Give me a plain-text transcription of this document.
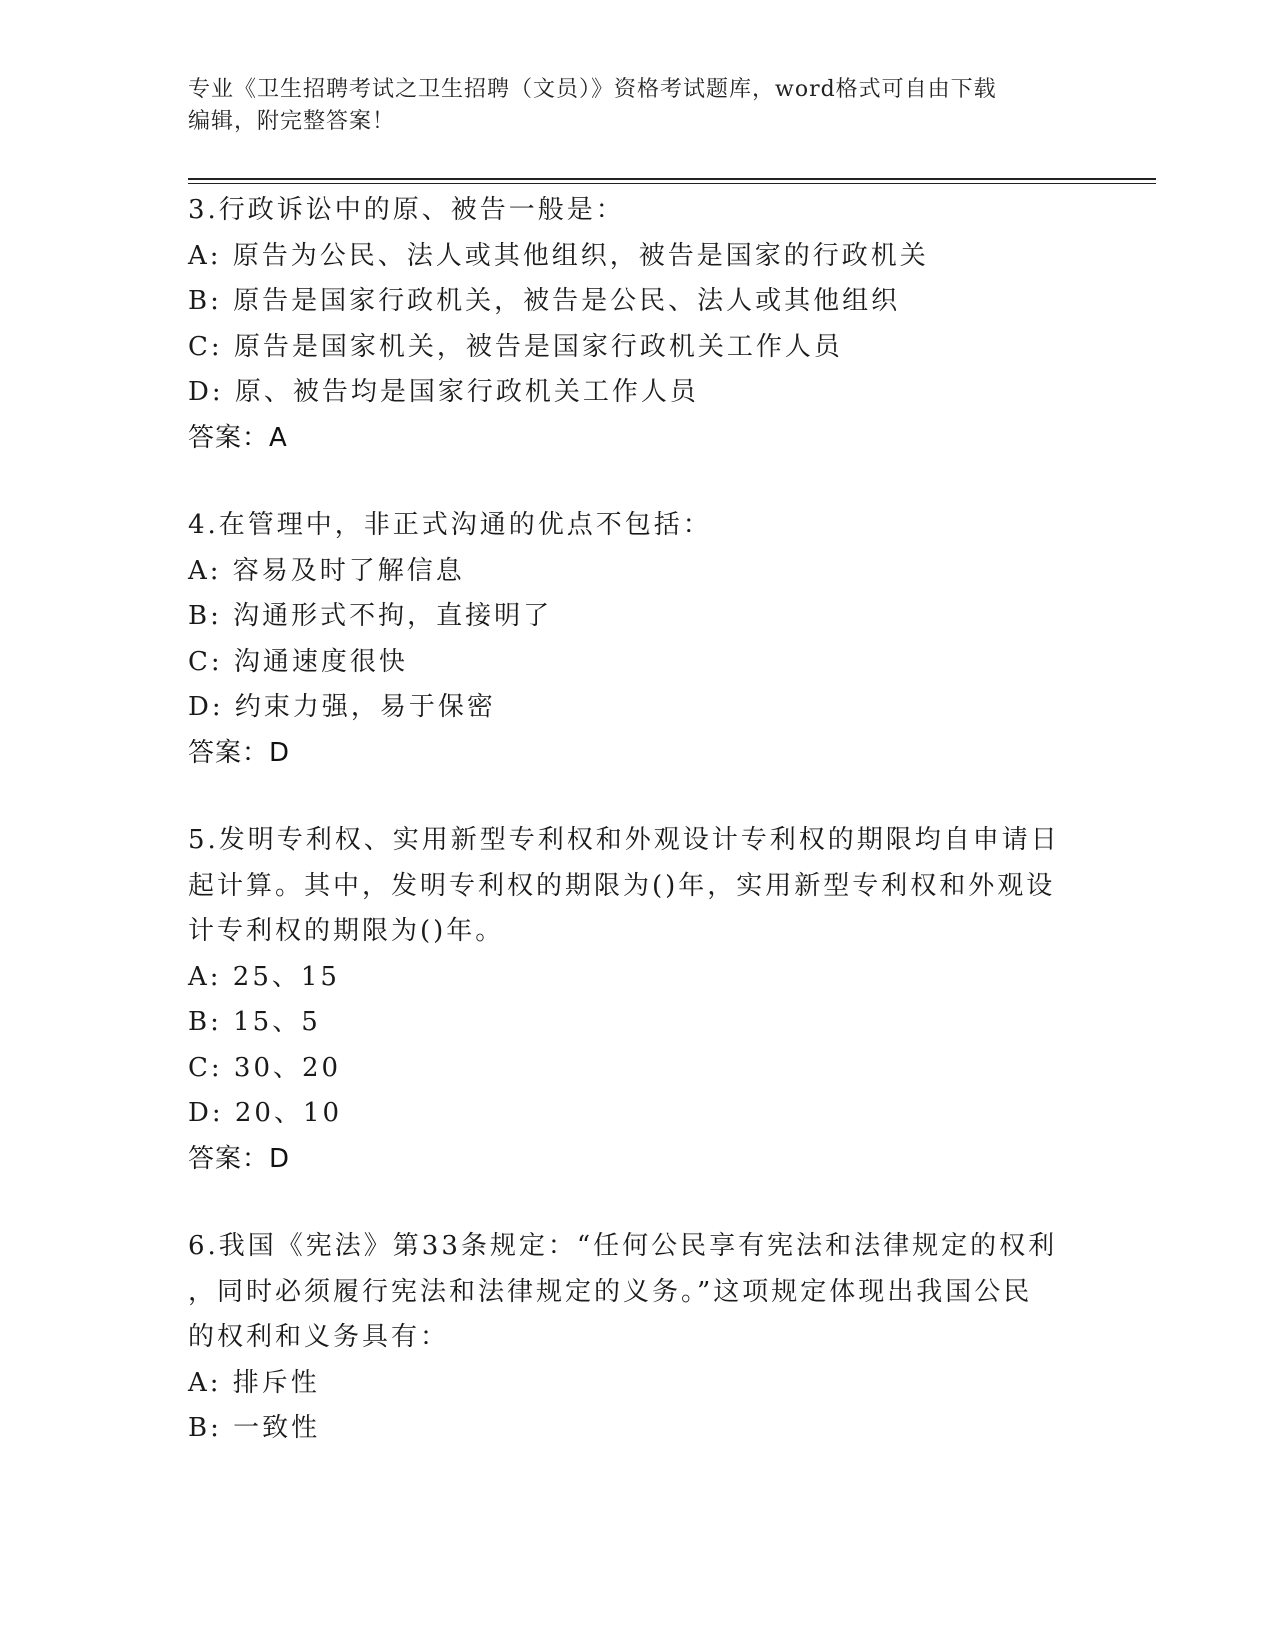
专业《卫生招聘考试之卫生招聘（文员）》资格考试题库，word格式可自由下载
编辑，附完整答案！

3.行政诉讼中的原、被告一般是：

A: 原告为公民、法人或其他组织，被告是国家的行政机关

B: 原告是国家行政机关，被告是公民、法人或其他组织

C: 原告是国家机关，被告是国家行政机关工作人员

D: 原、被告均是国家行政机关工作人员

答案：A

4.在管理中，非正式沟通的优点不包括：

A: 容易及时了解信息

B: 沟通形式不拘，直接明了

C: 沟通速度很快

D: 约束力强，易于保密

答案：D

5.发明专利权、实用新型专利权和外观设计专利权的期限均自申请日

起计算。其中，发明专利权的期限为()年，实用新型专利权和外观设

计专利权的期限为()年。

A: 25、15

B: 15、5

C: 30、20

D: 20、10

答案：D

6.我国《宪法》第33条规定：“任何公民享有宪法和法律规定的权利

，同时必须履行宪法和法律规定的义务。”这项规定体现出我国公民

的权利和义务具有：

A: 排斥性

B: 一致性
